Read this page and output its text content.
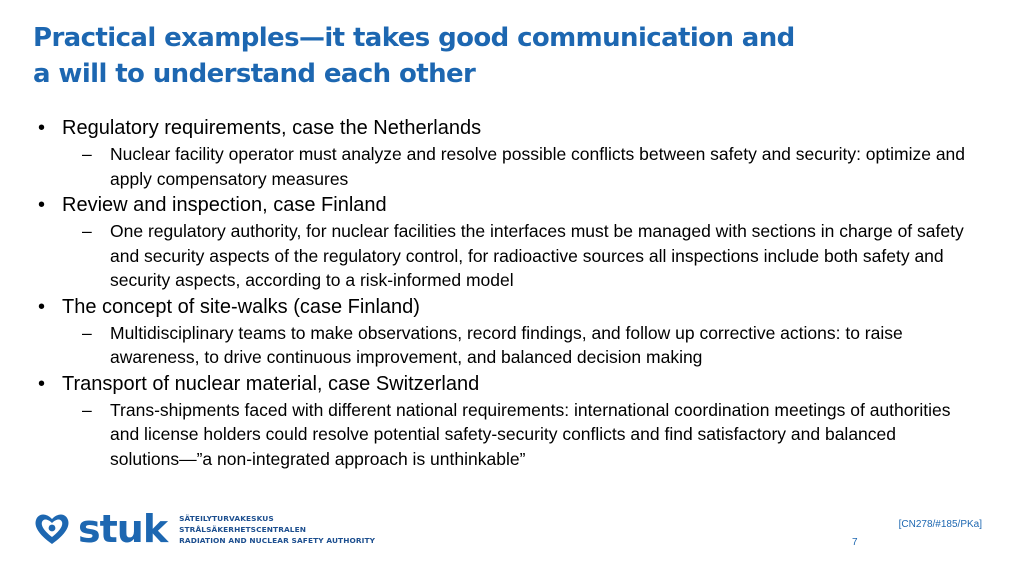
Practical examples—it takes good communication and
a will to understand each other
• Regulatory requirements, case the Netherlands
– Nuclear facility operator must analyze and resolve possible conflicts between safety and security: optimize and apply compensatory measures
• Review and inspection, case Finland
– One regulatory authority, for nuclear facilities the interfaces must be managed with sections in charge of safety and security aspects of the regulatory control, for radioactive sources all inspections include both safety and security aspects, according to a risk-informed model
• The concept of site-walks (case Finland)
– Multidisciplinary teams to make observations, record findings, and follow up corrective actions: to raise awareness, to drive continuous improvement, and balanced decision making
• Transport of nuclear material, case Switzerland
– Trans-shipments faced with different national requirements: international coordination meetings of authorities and license holders could resolve potential safety-security conflicts and find satisfactory and balanced solutions—”a non-integrated approach is unthinkable”
stuk SÄTEILYTURVAKESKUS
STRÅLSÄKERHETSCENTRALEN
RADIATION AND NUCLEAR SAFETY AUTHORITY
[CN278/#185/PKa]
7
